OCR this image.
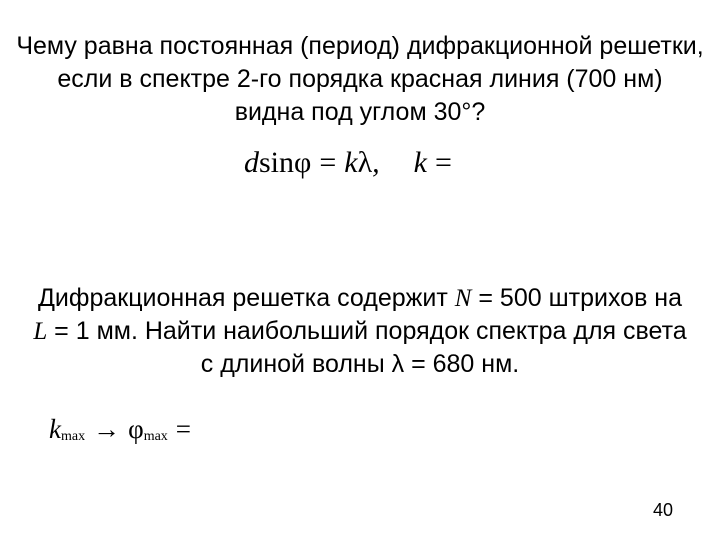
Чему равна постоянная (период) дифракционной решетки,
если в спектре 2-го порядка красная линия (700 нм)
видна под углом 30°?
dsinφ = kλ, k =
Дифракционная решетка содержит N = 500 штрихов на
L = 1 мм. Найти наибольший порядок спектра для света
с длиной волны λ = 680 нм.
kmax → φmax =
40
